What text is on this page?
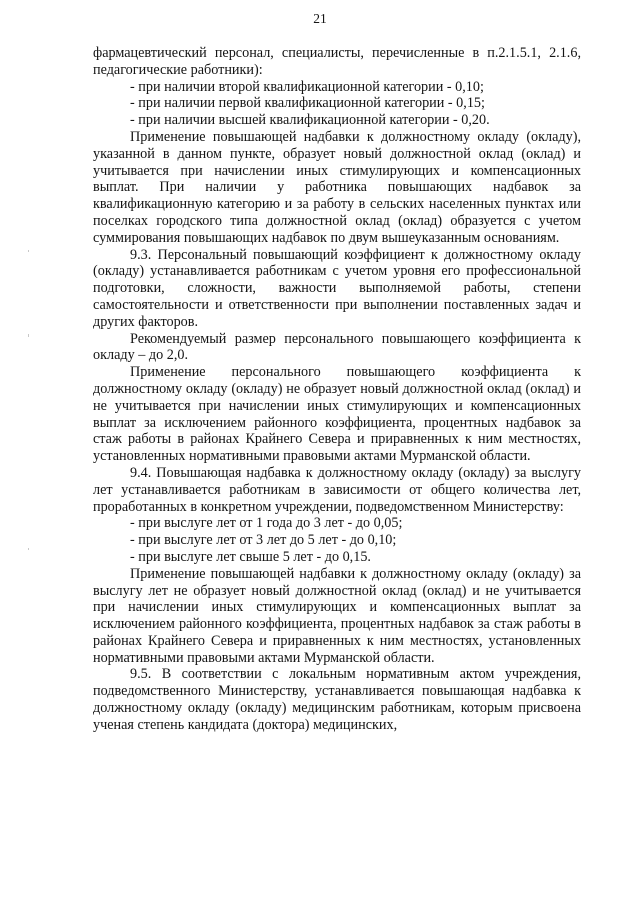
21

фармацевтический персонал, специалисты, перечисленные в п.2.1.5.1, 2.1.6, педагогические работники):

- при наличии второй квалификационной категории - 0,10;

- при наличии первой квалификационной категории - 0,15;

- при наличии высшей квалификационной категории - 0,20.

Применение повышающей надбавки к должностному окладу (окладу), указанной в данном пункте, образует новый должностной оклад (оклад) и учитывается при начислении иных стимулирующих и компенсационных выплат. При наличии у работника повышающих надбавок за квалификационную категорию и за работу в сельских населенных пунктах или поселках городского типа должностной оклад (оклад) образуется с учетом суммирования повышающих надбавок по двум вышеуказанным основаниям.

9.3. Персональный повышающий коэффициент к должностному окладу (окладу) устанавливается работникам с учетом уровня его профессиональной подготовки, сложности, важности выполняемой работы, степени самостоятельности и ответственности при выполнении поставленных задач и других факторов.

Рекомендуемый размер персонального повышающего коэффициента к окладу – до 2,0.

Применение персонального повышающего коэффициента к должностному окладу (окладу) не образует новый должностной оклад (оклад) и не учитывается при начислении иных стимулирующих и компенсационных выплат за исключением районного коэффициента, процентных надбавок за стаж работы в районах Крайнего Севера и приравненных к ним местностях, установленных нормативными правовыми актами Мурманской области.

9.4. Повышающая надбавка к должностному окладу (окладу) за выслугу лет устанавливается работникам в зависимости от общего количества лет, проработанных в конкретном учреждении, подведомственном Министерству:

- при выслуге лет от 1 года до 3 лет - до 0,05;

- при выслуге лет от 3 лет до 5 лет - до 0,10;

- при выслуге лет свыше 5 лет - до 0,15.

Применение повышающей надбавки к должностному окладу (окладу) за выслугу лет не образует новый должностной оклад (оклад) и не учитывается при начислении иных стимулирующих и компенсационных выплат за исключением районного коэффициента, процентных надбавок за стаж работы в районах Крайнего Севера и приравненных к ним местностях, установленных нормативными правовыми актами Мурманской области.

9.5. В соответствии с локальным нормативным актом учреждения, подведомственного Министерству, устанавливается повышающая надбавка к должностному окладу (окладу) медицинским работникам, которым присвоена ученая степень кандидата (доктора) медицинских,
